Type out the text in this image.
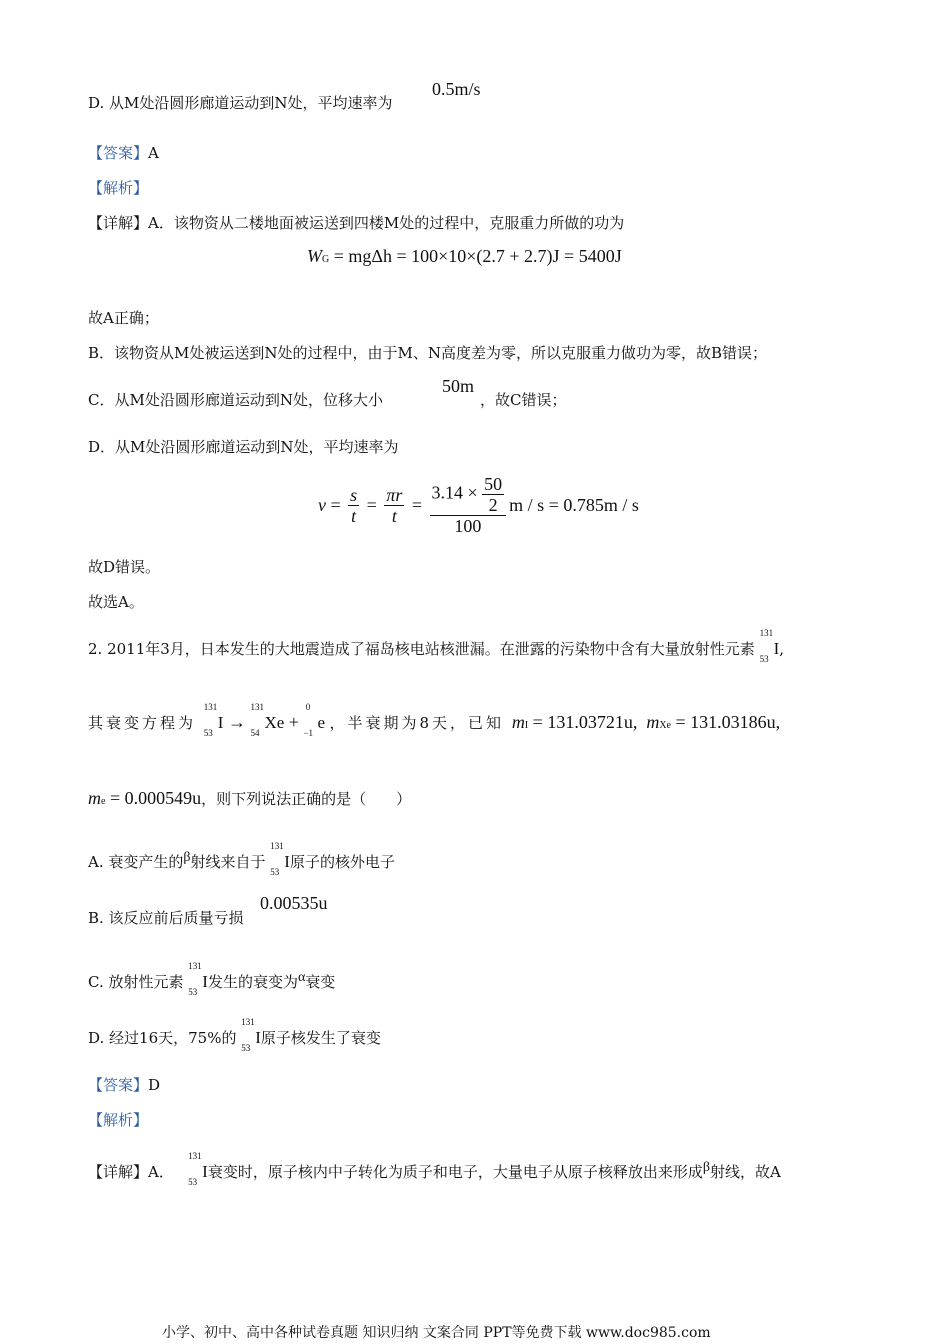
D. 从M处沿圆形廊道运动到N处，平均速率为
0.5m/s
【答案】A
【解析】
【详解】A．该物资从二楼地面被运送到四楼M处的过程中，克服重力所做的功为
WG = mgΔh = 100×10×(2.7 + 2.7)J = 5400J
故A正确；
B．该物资从M处被运送到N处的过程中，由于M、N高度差为零，所以克服重力做功为零，故B错误；
C．从M处沿圆形廊道运动到N处，位移大小
50m
，故C错误；
D．从M处沿圆形廊道运动到N处，平均速率为
$v = \frac{s}{t} = \frac{\pi r}{t} = \frac{3.14 \times \frac{50}{2}}{100}$ m / s = 0.785m / s
故D错误。
故选A。
2. 2011年3月，日本发生的大地震造成了福岛核电站核泄漏。在泄露的污染物中含有大量放射性元素
131
53
I,
其衰变方程为
131
53
I →
131
54
Xe +
0
−1
e ，半衰期为8天，已知 mI = 131.03721u,  mXe = 131.03186u,
me = 0.000549u，则下列说法正确的是（　　）
A. 衰变产生的β射线来自于
131
53
I原子的核外电子
B. 该反应前后质量亏损
0.00535u
C. 放射性元素
131
53
I发生的衰变为α衰变
D. 经过16天，75%的
131
53
I原子核发生了衰变
【答案】D
【解析】
【详解】A．
131
53
I衰变时，原子核内中子转化为质子和电子，大量电子从原子核释放出来形成β射线，故A
小学、初中、高中各种试卷真题 知识归纳 文案合同 PPT等免费下载 www.doc985.com
